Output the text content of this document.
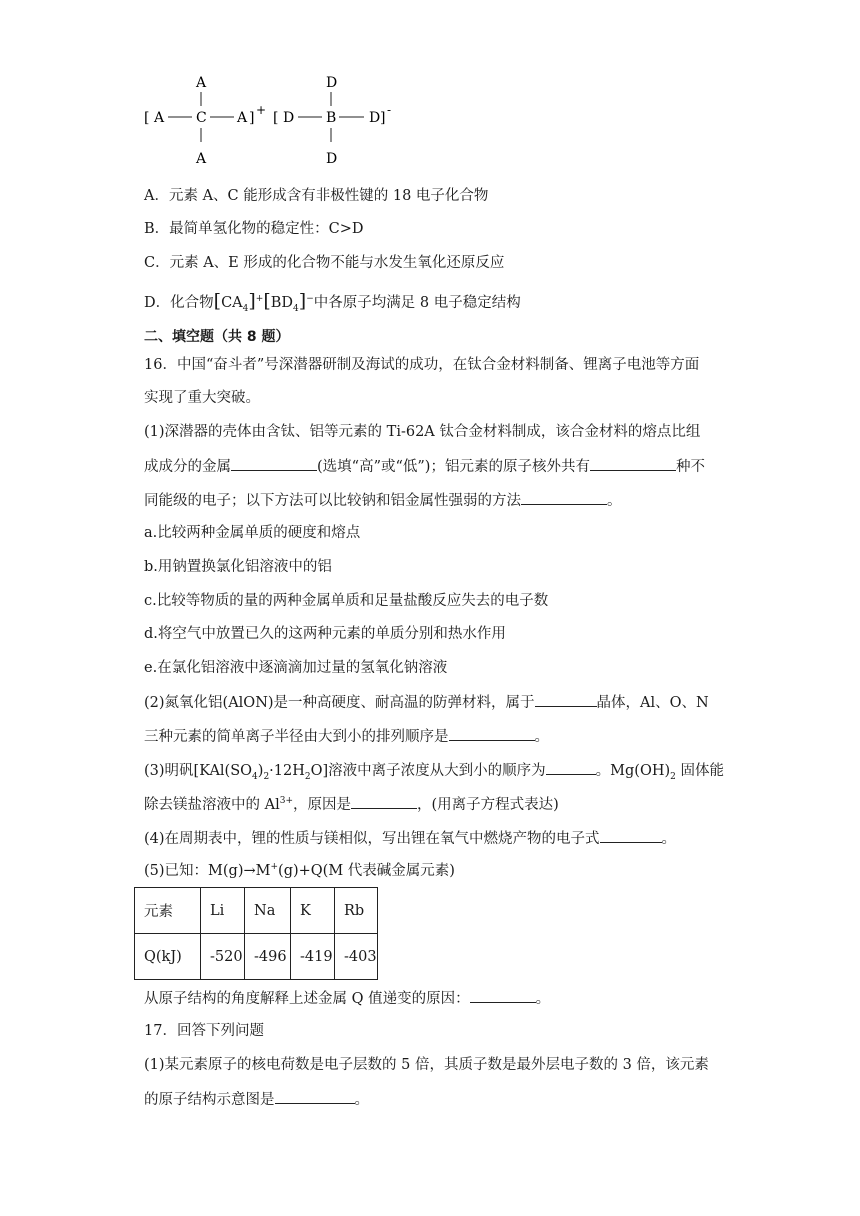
[ A C A ] +
A
A
[ D B D ] -
D
D
A．元素 A、C 能形成含有非极性键的 18 电子化合物
B．最简单氢化物的稳定性：C>D
C．元素 A、E 形成的化合物不能与水发生氧化还原反应
D．化合物$[CA_4]^+[BD_4]^-$中各原子均满足 8 电子稳定结构
二、填空题（共 8 题）
16．中国“奋斗者”号深潜器研制及海试的成功，在钛合金材料制备、锂离子电池等方面
实现了重大突破。
(1)深潜器的壳体由含钛、铝等元素的 Ti-62A 钛合金材料制成，该合金材料的熔点比组
成成分的金属	(选填“高”或“低”)；铝元素的原子核外共有	种不
同能级的电子；以下方法可以比较钠和铝金属性强弱的方法	。
a.比较两种金属单质的硬度和熔点
b.用钠置换氯化铝溶液中的铝
c.比较等物质的量的两种金属单质和足量盐酸反应失去的电子数
d.将空气中放置已久的这两种元素的单质分别和热水作用
e.在氯化铝溶液中逐滴滴加过量的氢氧化钠溶液
(2)氮氧化铝(AlON)是一种高硬度、耐高温的防弹材料，属于	晶体，Al、O、N
三种元素的简单离子半径由大到小的排列顺序是	。
(3)明矾$[KAl(SO_4)_2\cdot 12H_2O]$溶液中离子浓度从大到小的顺序为	。$Mg(OH)_2$ 固体能
除去镁盐溶液中的 $Al^{3+}$，原因是	，(用离子方程式表达)
(4)在周期表中，锂的性质与镁相似，写出锂在氧气中燃烧产物的电子式	。
(5)已知：M(g)→M+(g)+Q(M 代表碱金属元素)
元素	Li	Na	K	Rb
Q(kJ)	-520	-496	-419	-403
从原子结构的角度解释上述金属 Q 值递变的原因：	。
17．回答下列问题
(1)某元素原子的核电荷数是电子层数的 5 倍，其质子数是最外层电子数的 3 倍，该元素
的原子结构示意图是	。
